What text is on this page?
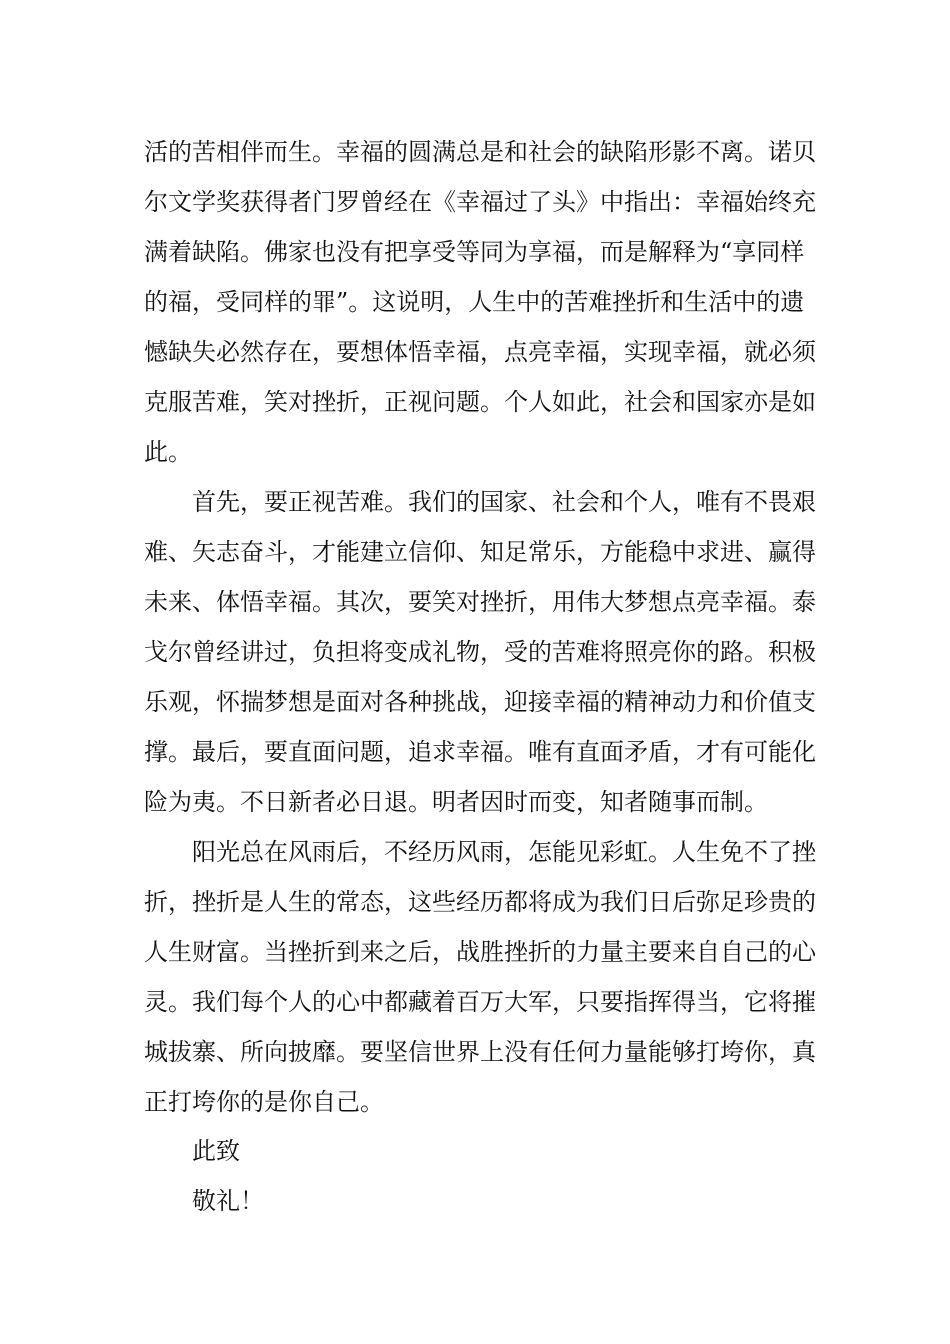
活的苦相伴而生。幸福的圆满总是和社会的缺陷形影不离。诺贝
尔文学奖获得者门罗曾经在《幸福过了头》中指出：幸福始终充
满着缺陷。佛家也没有把享受等同为享福，而是解释为“享同样
的福，受同样的罪”。这说明，人生中的苦难挫折和生活中的遗
憾缺失必然存在，要想体悟幸福，点亮幸福，实现幸福，就必须
克服苦难，笑对挫折，正视问题。个人如此，社会和国家亦是如
此。
首先，要正视苦难。我们的国家、社会和个人，唯有不畏艰
难、矢志奋斗，才能建立信仰、知足常乐，方能稳中求进、赢得
未来、体悟幸福。其次，要笑对挫折，用伟大梦想点亮幸福。泰
戈尔曾经讲过，负担将变成礼物，受的苦难将照亮你的路。积极
乐观，怀揣梦想是面对各种挑战，迎接幸福的精神动力和价值支
撑。最后，要直面问题，追求幸福。唯有直面矛盾，才有可能化
险为夷。不日新者必日退。明者因时而变，知者随事而制。
阳光总在风雨后，不经历风雨，怎能见彩虹。人生免不了挫
折，挫折是人生的常态，这些经历都将成为我们日后弥足珍贵的
人生财富。当挫折到来之后，战胜挫折的力量主要来自自己的心
灵。我们每个人的心中都藏着百万大军，只要指挥得当，它将摧
城拔寨、所向披靡。要坚信世界上没有任何力量能够打垮你，真
正打垮你的是你自己。
此致
敬礼！
